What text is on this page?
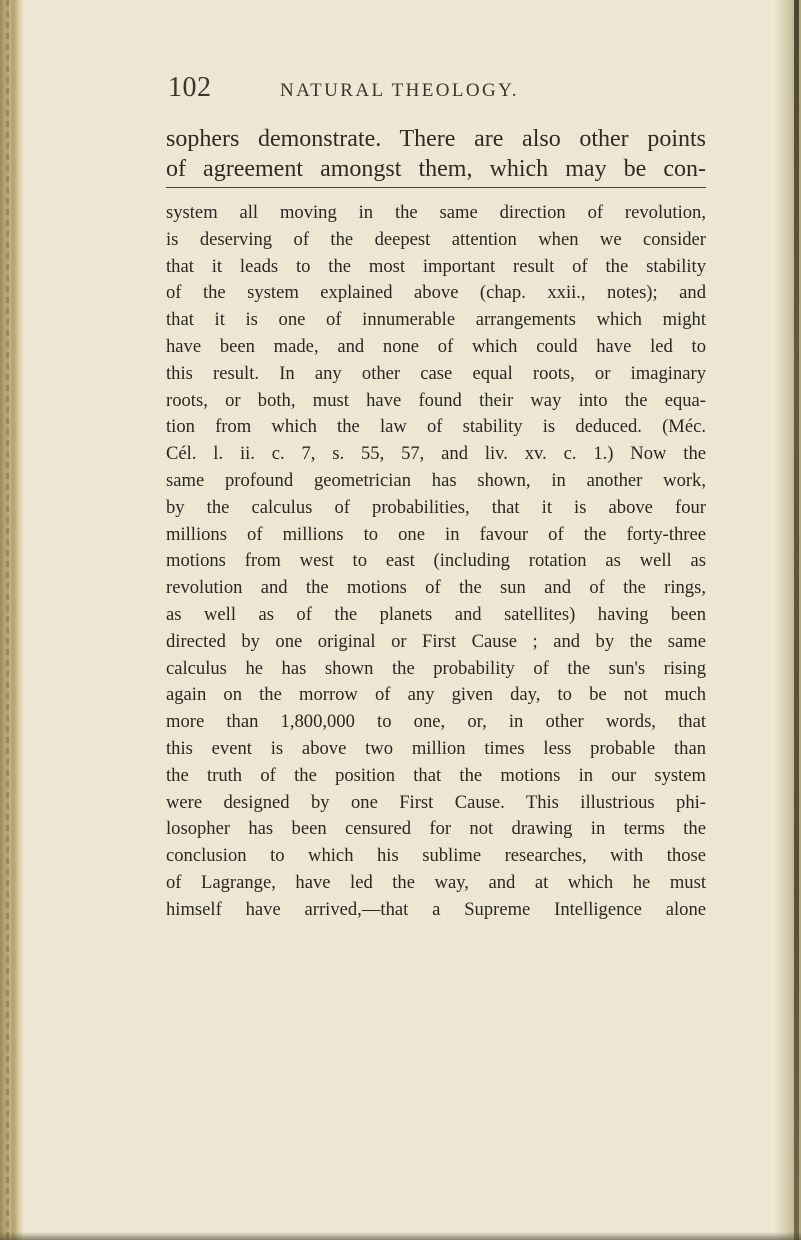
102	NATURAL THEOLOGY.

sophers demonstrate. There are also other points
of agreement amongst them, which may be con-

system all moving in the same direction of revolution,
is deserving of the deepest attention when we consider
that it leads to the most important result of the stability
of the system explained above (chap. xxii., notes); and
that it is one of innumerable arrangements which might
have been made, and none of which could have led to
this result. In any other case equal roots, or imaginary
roots, or both, must have found their way into the equa-
tion from which the law of stability is deduced. (Méc.
Cél. l. ii. c. 7, s. 55, 57, and liv. xv. c. 1.) Now the
same profound geometrician has shown, in another work,
by the calculus of probabilities, that it is above four
millions of millions to one in favour of the forty-three
motions from west to east (including rotation as well as
revolution and the motions of the sun and of the rings,
as well as of the planets and satellites) having been
directed by one original or First Cause ; and by the same
calculus he has shown the probability of the sun's rising
again on the morrow of any given day, to be not much
more than 1,800,000 to one, or, in other words, that
this event is above two million times less probable than
the truth of the position that the motions in our system
were designed by one First Cause. This illustrious phi-
losopher has been censured for not drawing in terms the
conclusion to which his sublime researches, with those
of Lagrange, have led the way, and at which he must
himself have arrived,—that a Supreme Intelligence alone
